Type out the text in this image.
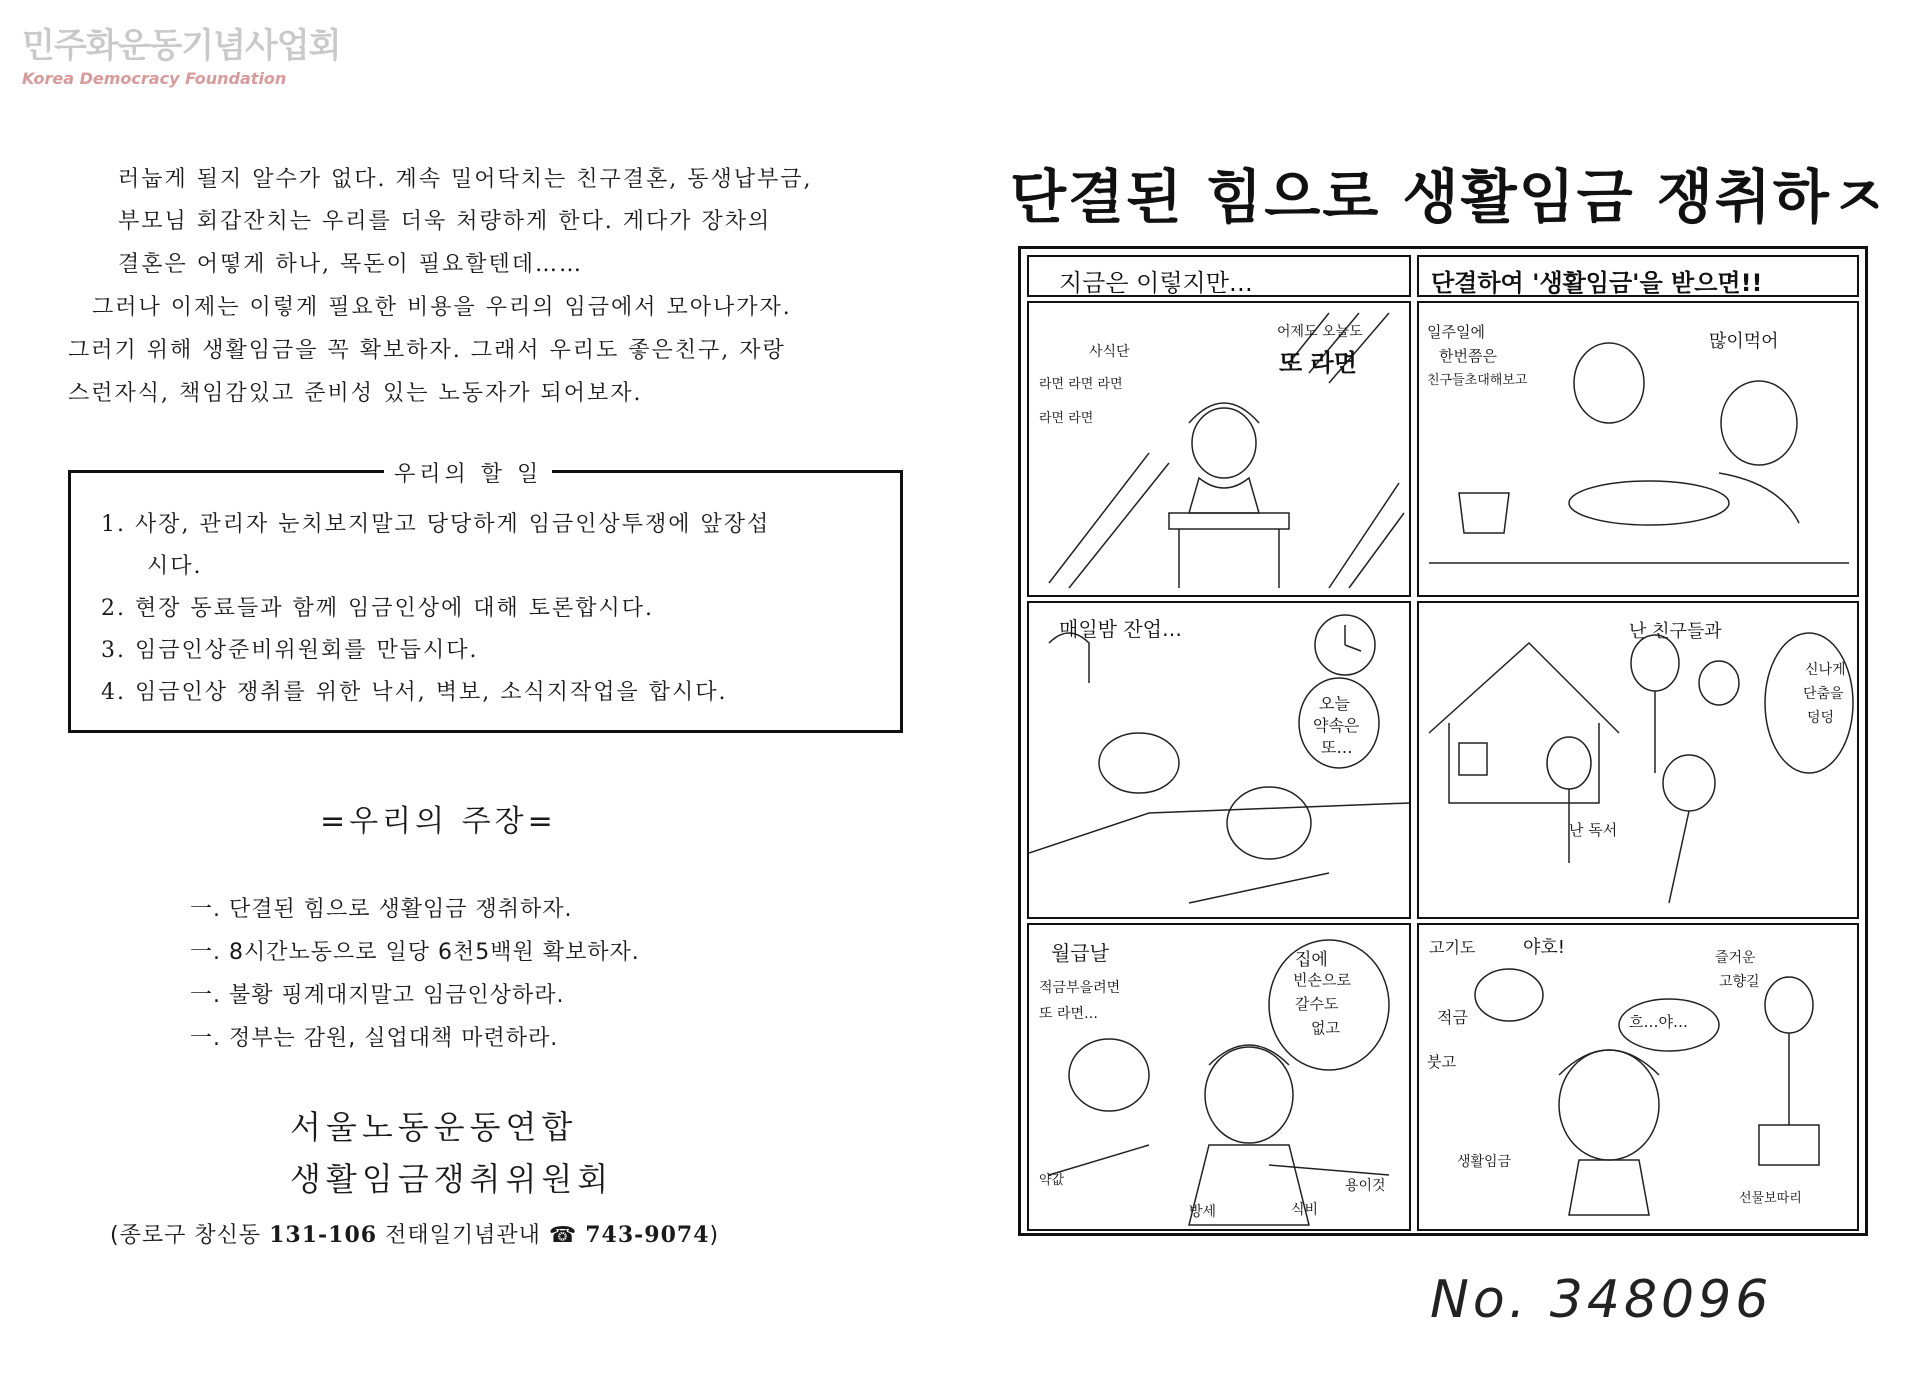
민주화운동기념사업회
Korea Democracy Foundation
러눕게 될지 알수가 없다. 계속 밀어닥치는 친구결혼, 동생납부금,
부모님 회갑잔치는 우리를 더욱 처량하게 한다. 게다가 장차의
결혼은 어떻게 하나, 목돈이 필요할텐데……
그러나 이제는 이렇게 필요한 비용을 우리의 임금에서 모아나가자.
그러기 위해 생활임금을 꼭 확보하자. 그래서 우리도 좋은친구, 자랑
스런자식, 책임감있고 준비성 있는 노동자가 되어보자.
1. 사장, 관리자 눈치보지말고 당당하게 임금인상투쟁에 앞장섭
시다.
2. 현장 동료들과 함께 임금인상에 대해 토론합시다.
3. 임금인상준비위원회를 만듭시다.
4. 임금인상 쟁취를 위한 낙서, 벽보, 소식지작업을 합시다.
우리의 할 일
=우리의 주장=
一. 단결된 힘으로 생활임금 쟁취하자.
一. 8시간노동으로 일당 6천5백원 확보하자.
一. 불황 핑계대지말고 임금인상하라.
一. 정부는 감원, 실업대책 마련하라.
서울노동운동연합
생활임금쟁취위원회
(종로구 창신동 131-106 전태일기념관내 ☎ 743-9074)
단결된 힘으로 생활임금 쟁취하ㅈ
지금은 이렇지만…	단결하여 '생활임금'을 받으면!!
어제도 오늘도
또 라면
사식단
라면 라면 라면
라면 라면
일주일에
한번쯤은
친구들초대해보고
많이먹어
매일밤 잔업…
오늘
약속은
또…
난 친구들과
신나게
단춤을
덩덩
난 독서
월급날
적금부을려면
또 라면…
집에
빈손으로
갈수도
없고
방세	식비
용이것
약값
고기도	야호!
적금
붓고
흐…야…
생활임금
즐거운
고향길
선물보따리
No. 348096
